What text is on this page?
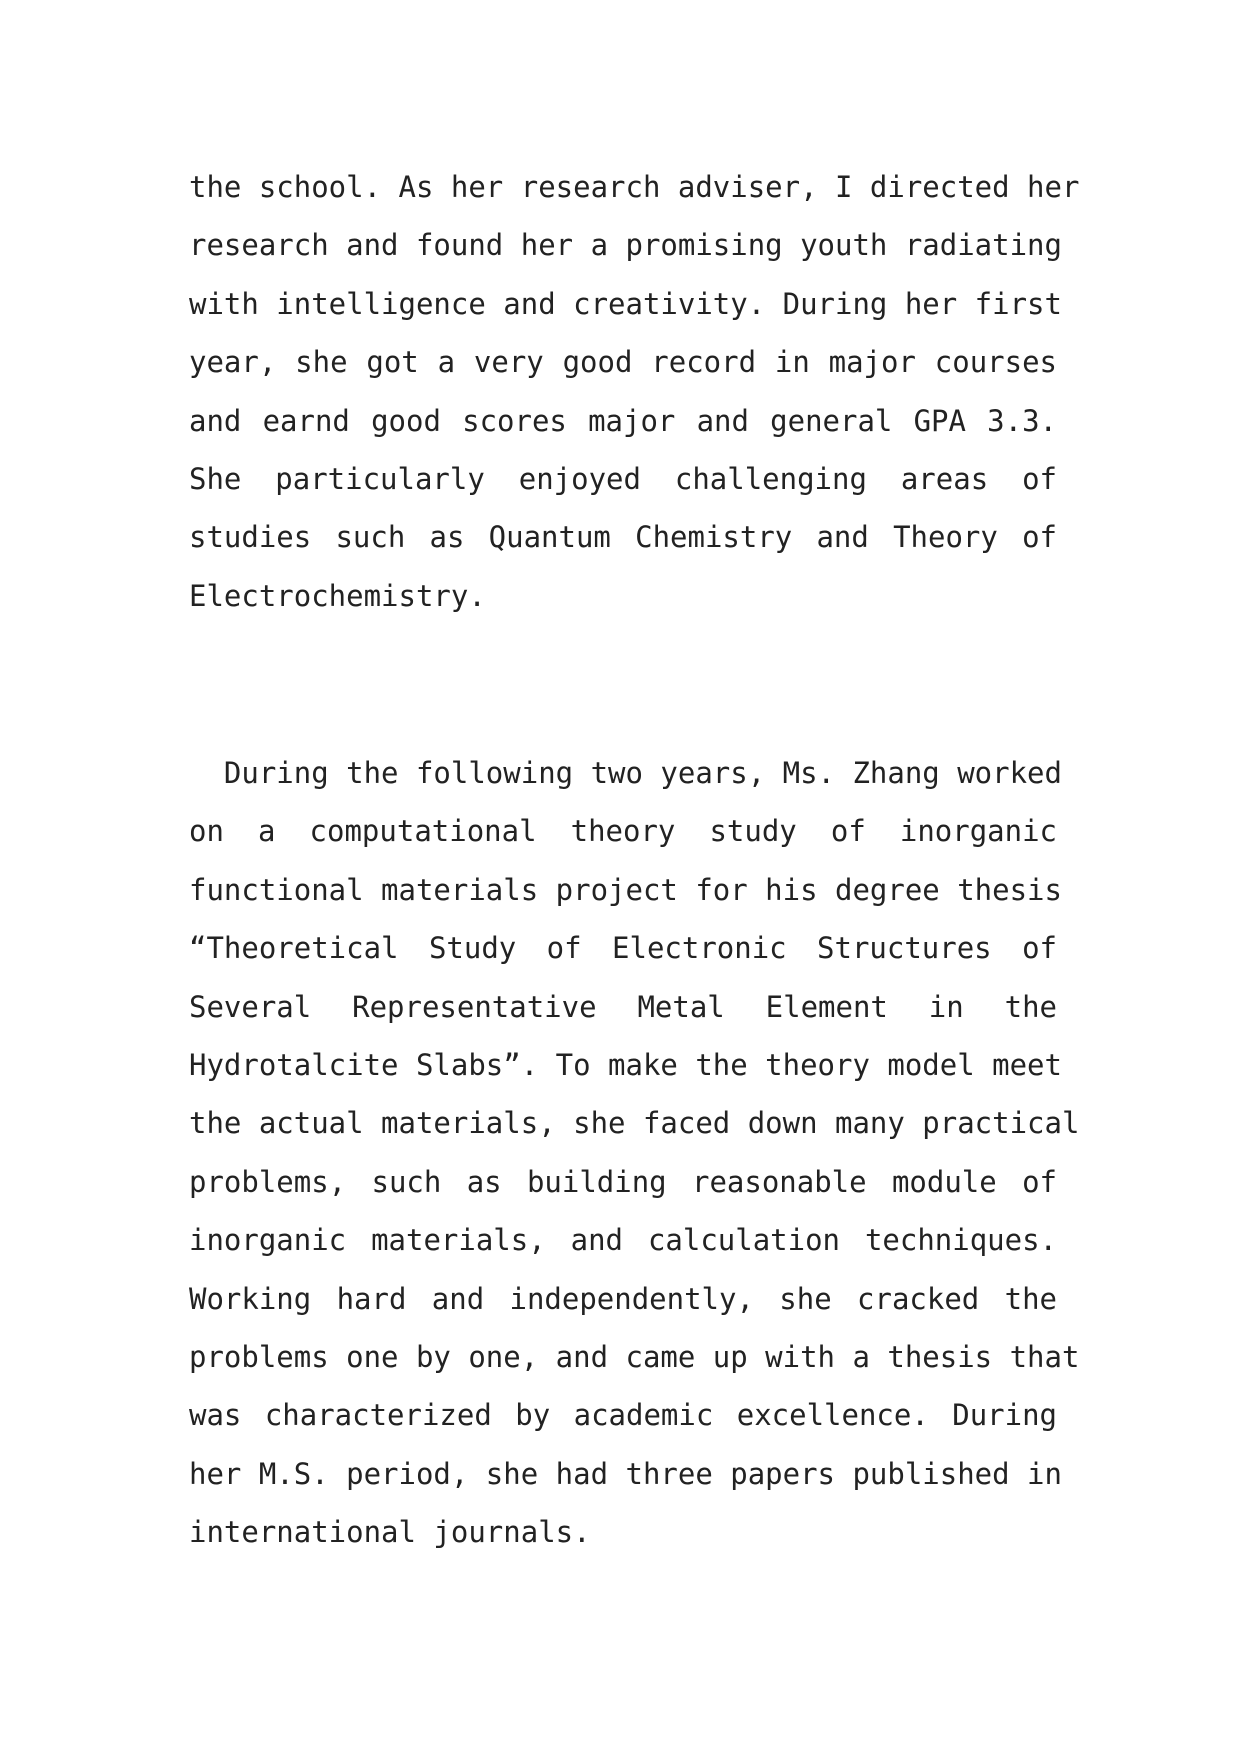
the school. As her research adviser, I directed her
research and found her a promising youth radiating
with intelligence and creativity. During her first
year, she got a very good record in major courses
and earnd good scores major and general GPA 3.3.
She particularly enjoyed challenging areas of
studies such as Quantum Chemistry and Theory of
Electrochemistry.
During the following two years, Ms. Zhang worked
on a computational theory study of inorganic
functional materials project for his degree thesis
“Theoretical Study of Electronic Structures of
Several Representative Metal Element in the
Hydrotalcite Slabs”. To make the theory model meet
the actual materials, she faced down many practical
problems, such as building reasonable module of
inorganic materials, and calculation techniques.
Working hard and independently, she cracked the
problems one by one, and came up with a thesis that
was characterized by academic excellence. During
her M.S. period, she had three papers published in
international journals.
